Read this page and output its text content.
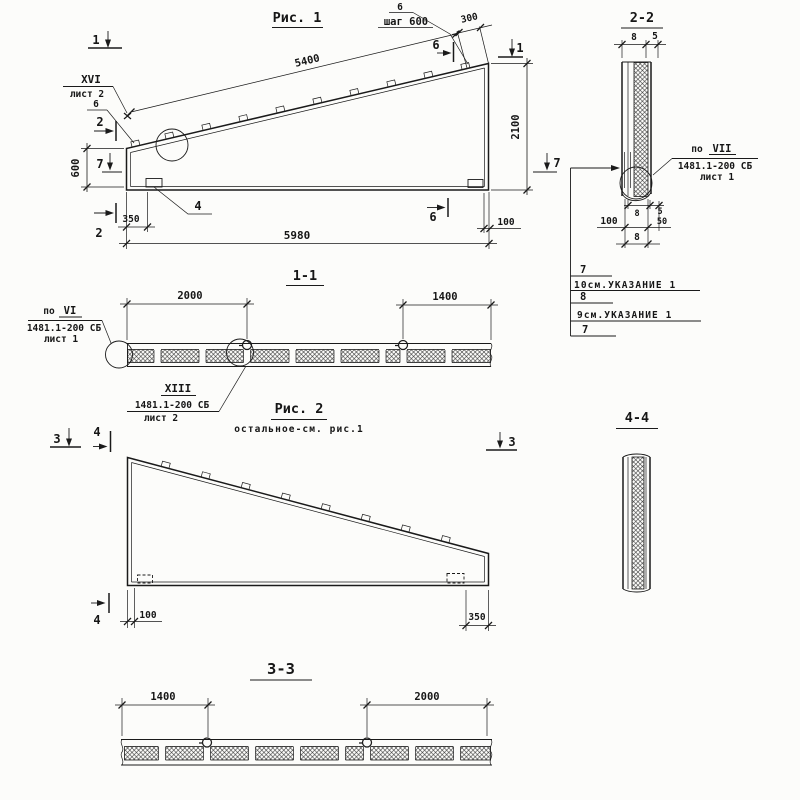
Рис. 1
XVI
лист 2
6
5400
300
6
шаг 600
1
1
2
2
7	7
6
6
4
600
2100
350	100
5980
2-2
8 5
по VII
1481.1-200 СБ
лист 1
8 5
50
100
8
7
10см.УКАЗАНИЕ 1
8
9см.УКАЗАНИЕ 1
7
1-1
2000	1400
по VI
1481.1-200 СБ
лист 1
XIII
1481.1-200 СБ
лист 2
Рис. 2
остальное-см. рис.1
3	4
4
3
100	350
4-4
3-3
1400	2000
